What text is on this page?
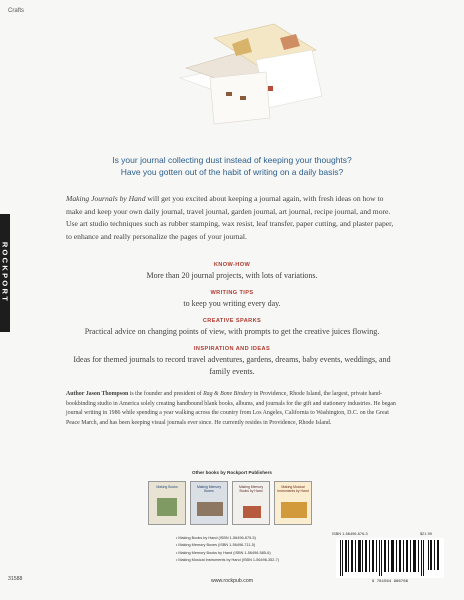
Crafts
ROCKPORT
Is your journal collecting dust instead of keeping your thoughts?
Have you gotten out of the habit of writing on a daily basis?
Making Journals by Hand will get you excited about keeping a journal again, with fresh ideas on how to make and keep your own daily journal, travel journal, garden journal, art journal, recipe journal, and more. Use art studio techniques such as rubber stamping, wax resist, leaf transfer, paper cutting, and plaster paper, to enhance and really personalize the pages of your journal.
KNOW-HOW
More than 20 journal projects, with lots of variations.
WRITING TIPS
to keep you writing every day.
CREATIVE SPARKS
Practical advice on changing points of view, with prompts to get the creative juices flowing.
INSPIRATION AND IDEAS
Ideas for themed journals to record travel adventures, gardens, dreams, baby events, weddings, and family events.
Author Jason Thompson is the founder and president of Rag & Bone Bindery in Providence, Rhode Island, the largest, private hand-bookbinding studio in America solely creating handbound blank books, albums, and journals for the gift and stationery industries. He began journal writing in 1986 while spending a year walking across the country from Los Angeles, California to Washington, D.C. on the Great Peace March, and has been keeping visual journals ever since. He currently resides in Providence, Rhode Island.
Other books by Rockport Publishers
Making Books	Making Memory Boxes
Making Memory Books by Hand
Making Musical Instruments by Hand
• Making Books by Hand (ISBN 1-56496-675-5)
• Making Memory Boxes (ISBN 1-56496-711-5)
• Making Memory Books by Hand (ISBN 1-56496-585-6)
• Making Musical Instruments by Hand (ISBN 1-56496-352-7)
ISBN 1-56496-676-3	$21.99
9 781564 966766
31588	www.rockpub.com
